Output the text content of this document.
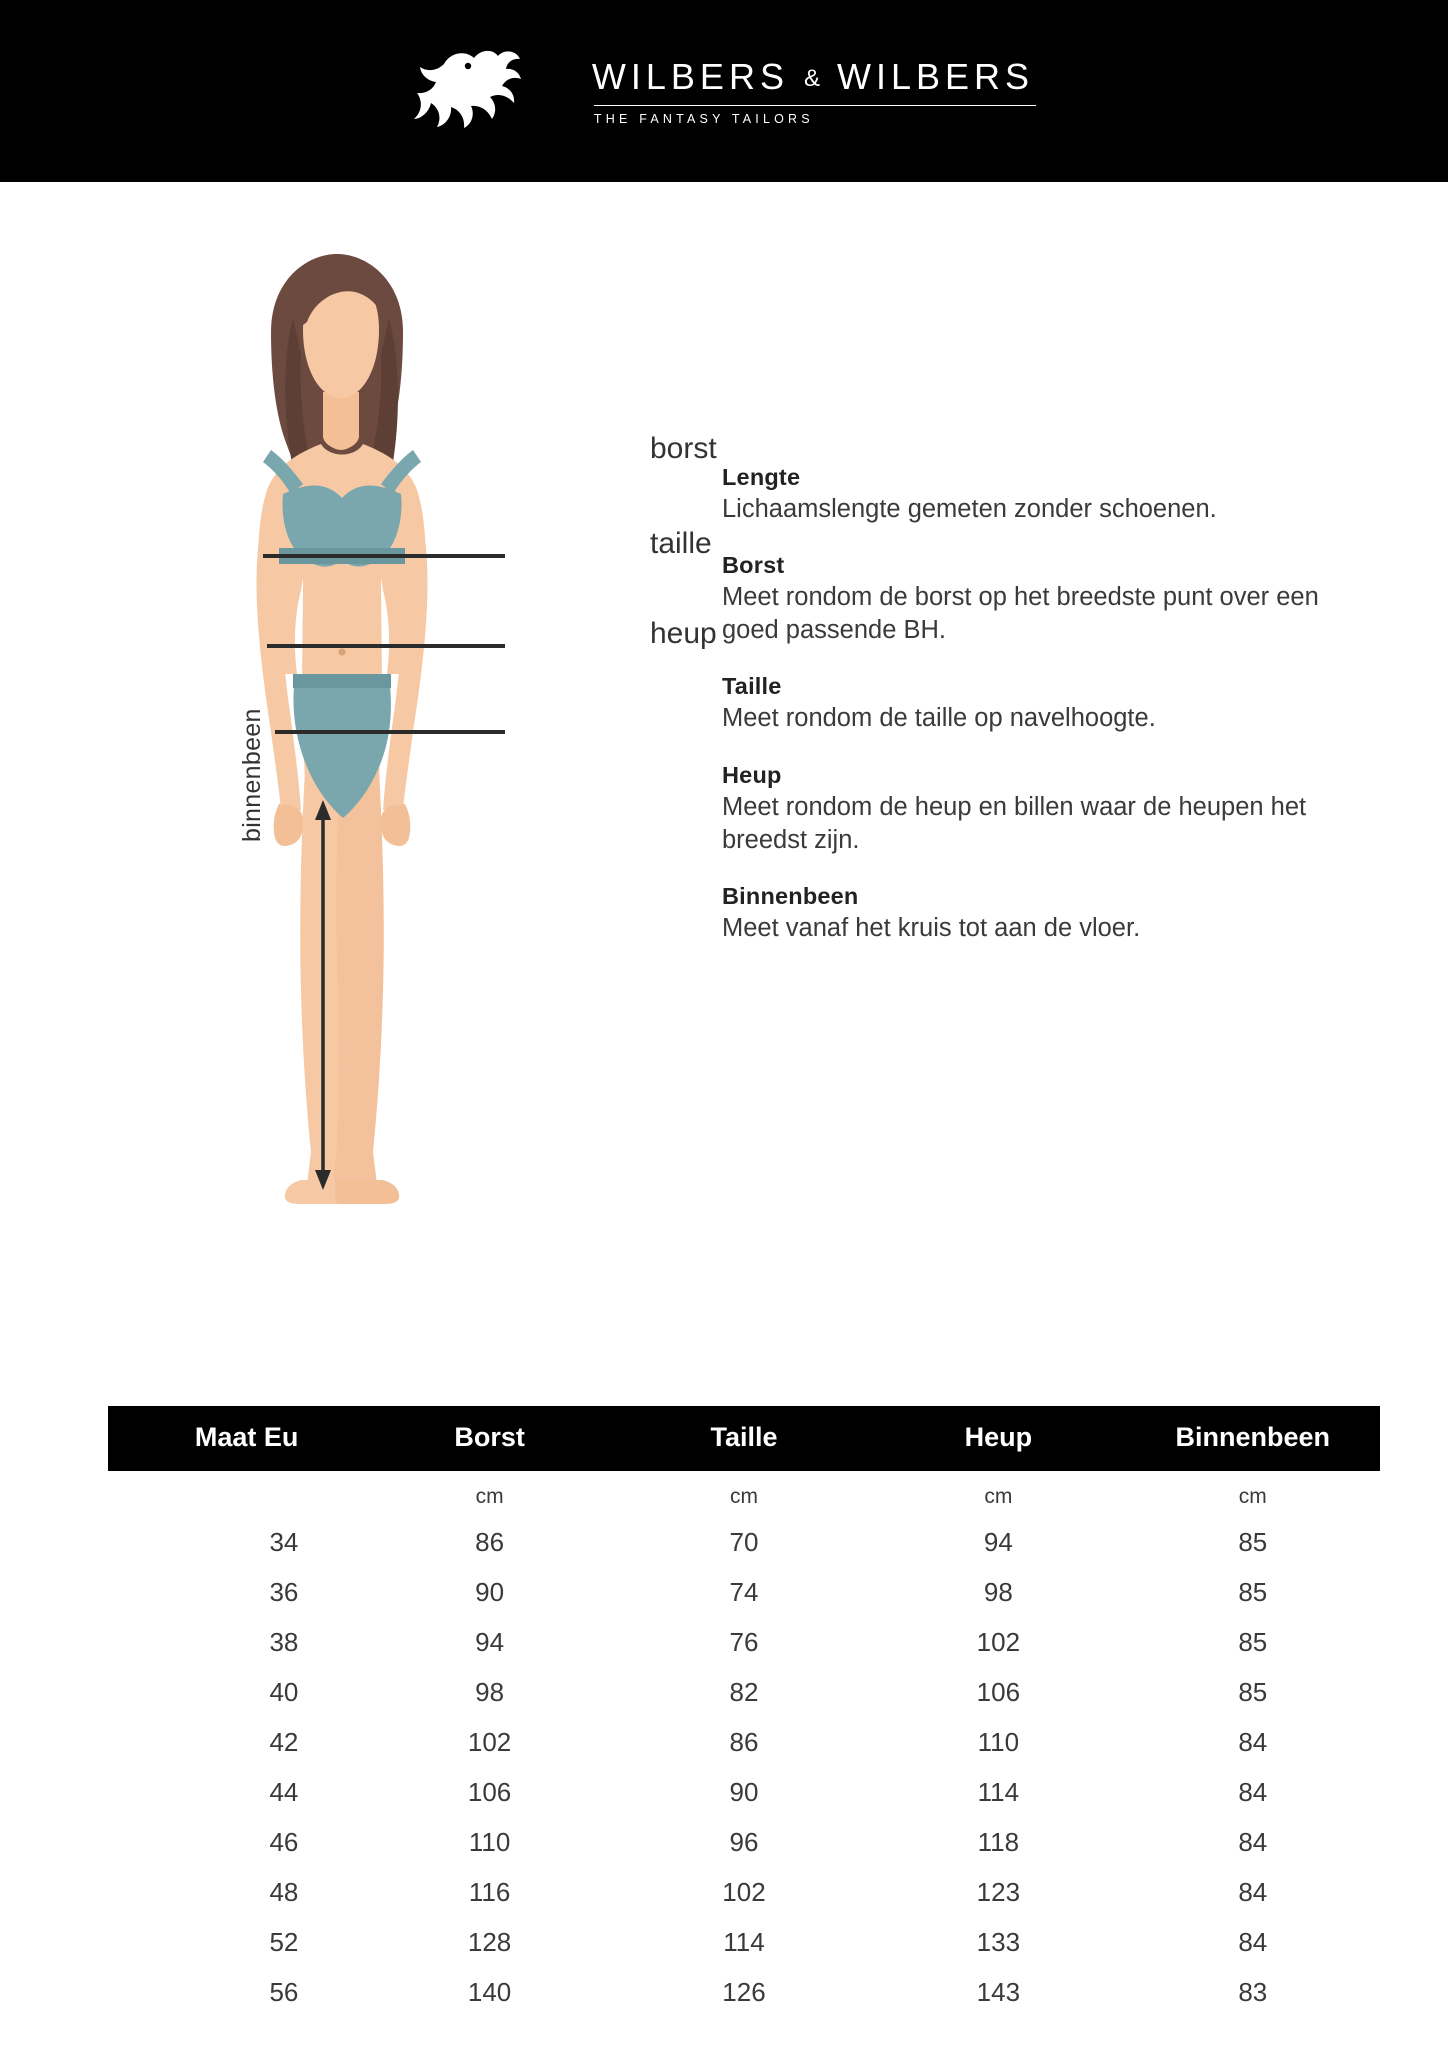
WILBERS & WILBERS
THE FANTASY TAILORS
borst
taille
heup
binnenbeen
Lengte

Lichaamslengte gemeten zonder schoenen.

Borst

Meet rondom de borst op het breedste punt over een goed passende BH.

Taille

Meet rondom de taille op navelhoogte.

Heup

Meet rondom de heup en billen waar de heupen het breedst zijn.

Binnenbeen

Meet vanaf het kruis tot aan de vloer.

Maat Eu	Borst	Taille	Heup	Binnenbeen
	cm	cm	cm	cm
34	86	70	94	85
36	90	74	98	85
38	94	76	102	85
40	98	82	106	85
42	102	86	110	84
44	106	90	114	84
46	110	96	118	84
48	116	102	123	84
52	128	114	133	84
56	140	126	143	83
